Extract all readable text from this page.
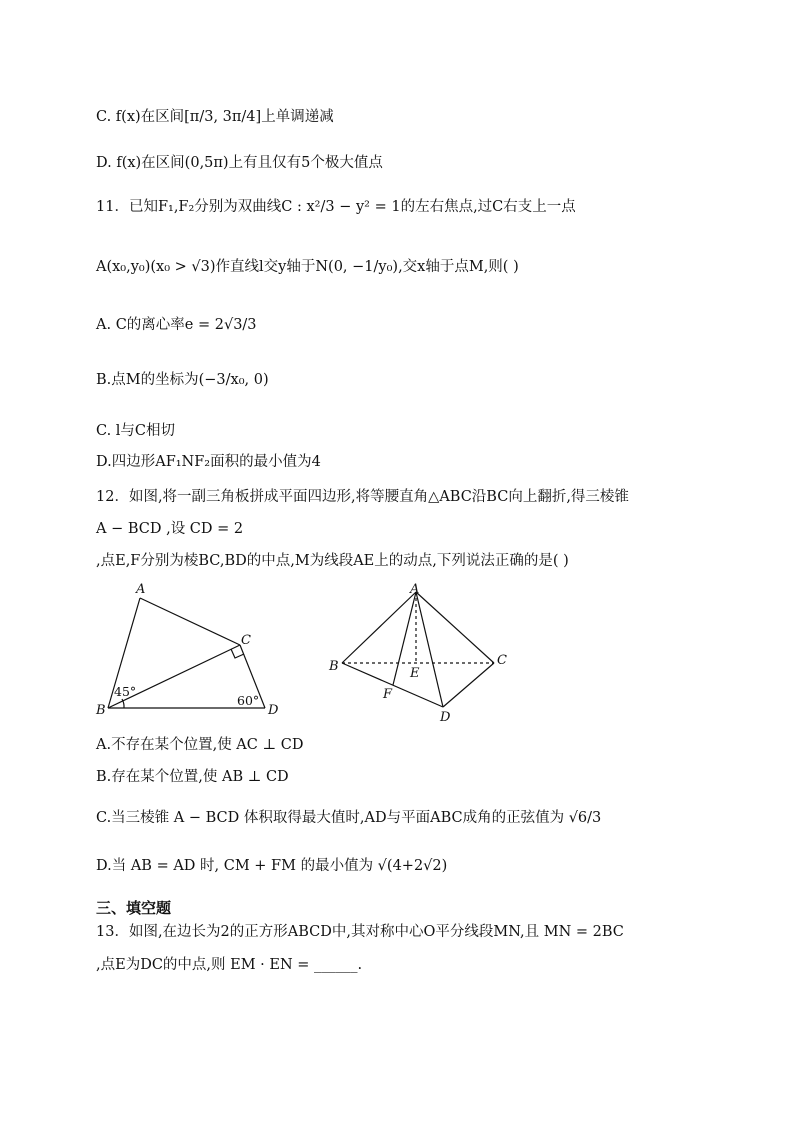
C. f(x)在区间[π/3, 3π/4]上单调递减
D. f(x)在区间(0,5π)上有且仅有5个极大值点
11．已知F₁,F₂分别为双曲线C : x²/3 − y² = 1的左右焦点,过C右支上一点
A(x₀,y₀)(x₀ > √3)作直线l交y轴于N(0, −1/y₀),交x轴于点M,则( )
A. C的离心率e = 2√3/3
B.点M的坐标为(−3/x₀, 0)
C. l与C相切
D.四边形AF₁NF₂面积的最小值为4
12．如图,将一副三角板拼成平面四边形,将等腰直角△ABC沿BC向上翻折,得三棱锥
A − BCD ,设 CD = 2
,点E,F分别为棱BC,BD的中点,M为线段AE上的动点,下列说法正确的是( )
A.不存在某个位置,使 AC ⊥ CD
B.存在某个位置,使 AB ⊥ CD
C.当三棱锥 A − BCD 体积取得最大值时,AD与平面ABC成角的正弦值为 √6/3
D.当 AB = AD 时, CM + FM 的最小值为 √(4+2√2)
三、填空题
13．如图,在边长为2的正方形ABCD中,其对称中心O平分线段MN,且 MN = 2BC
,点E为DC的中点,则 EM · EN = ______.
A
B
C
D
45°
60°
A
B	C
D
E
F
